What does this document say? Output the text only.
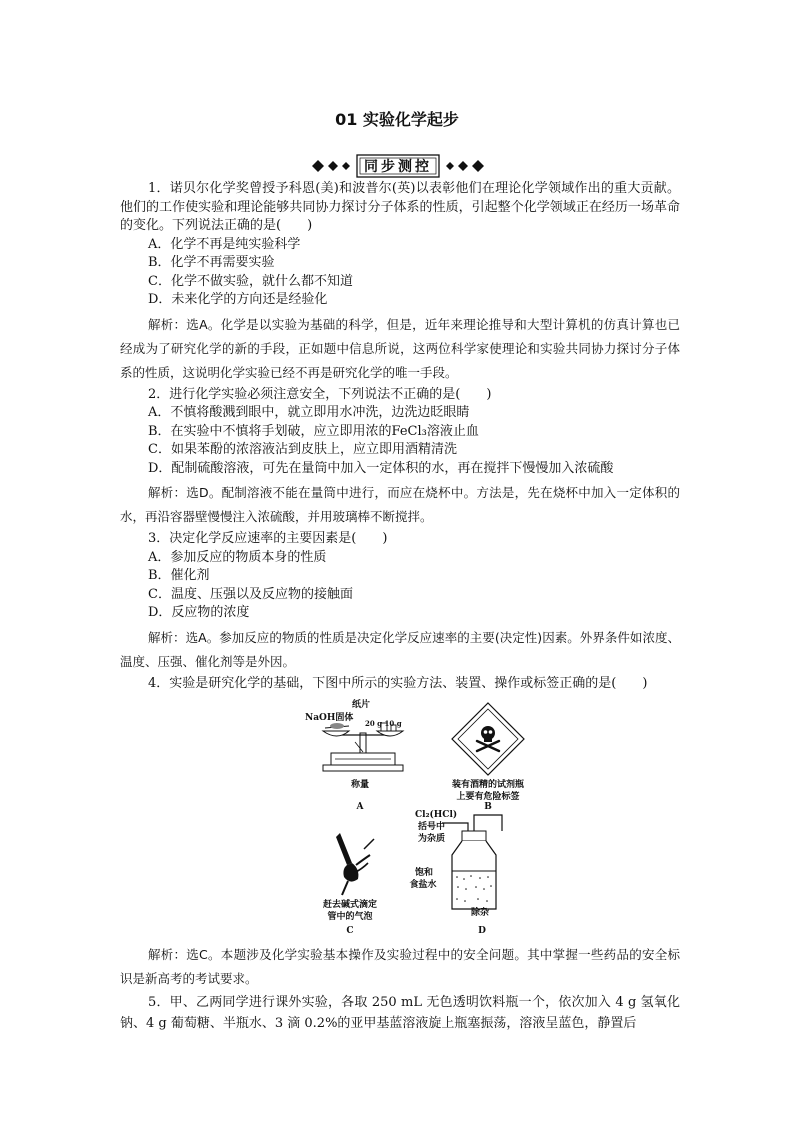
01 实验化学起步
同步测控

1．诺贝尔化学奖曾授予科恩(美)和波普尔(英)以表彰他们在理论化学领域作出的重大贡献。他们的工作使实验和理论能够共同协力探讨分子体系的性质，引起整个化学领域正在经历一场革命的变化。下列说法正确的是(　　)

A．化学不再是纯实验科学

B．化学不再需要实验

C．化学不做实验，就什么都不知道

D．未来化学的方向还是经验化

解析：选A。化学是以实验为基础的科学，但是，近年来理论推导和大型计算机的仿真计算也已经成为了研究化学的新的手段，正如题中信息所说，这两位科学家使理论和实验共同协力探讨分子体系的性质，这说明化学实验已经不再是研究化学的唯一手段。

2．进行化学实验必须注意安全，下列说法不正确的是(　　)

A．不慎将酸溅到眼中，就立即用水冲洗，边洗边眨眼睛

B．在实验中不慎将手划破，应立即用浓的FeCl₃溶液止血

C．如果苯酚的浓溶液沾到皮肤上，应立即用酒精清洗

D．配制硫酸溶液，可先在量筒中加入一定体积的水，再在搅拌下慢慢加入浓硫酸

解析：选D。配制溶液不能在量筒中进行，而应在烧杯中。方法是，先在烧杯中加入一定体积的水，再沿容器壁慢慢注入浓硫酸，并用玻璃棒不断搅拌。

3．决定化学反应速率的主要因素是(　　)

A．参加反应的物质本身的性质

B．催化剂

C．温度、压强以及反应物的接触面

D．反应物的浓度

解析：选A。参加反应的物质的性质是决定化学反应速率的主要(决定性)因素。外界条件如浓度、温度、压强、催化剂等是外因。

4．实验是研究化学的基础，下图中所示的实验方法、装置、操作或标签正确的是(　　)

纸片
NaOH固体
20 g 10 g
称量
A
装有酒精的试剂瓶
上要有危险标签
B
赶去碱式滴定
管中的气泡
C
Cl₂(HCl)
括号中
为杂质
饱和
食盐水
除杂
D

解析：选C。本题涉及化学实验基本操作及实验过程中的安全问题。其中掌握一些药品的安全标识是新高考的考试要求。

5．甲、乙两同学进行课外实验，各取 250 mL 无色透明饮料瓶一个，依次加入 4 g 氢氧化钠、4 g 葡萄糖、半瓶水、3 滴 0.2%的亚甲基蓝溶液旋上瓶塞振荡，溶液呈蓝色，静置后
